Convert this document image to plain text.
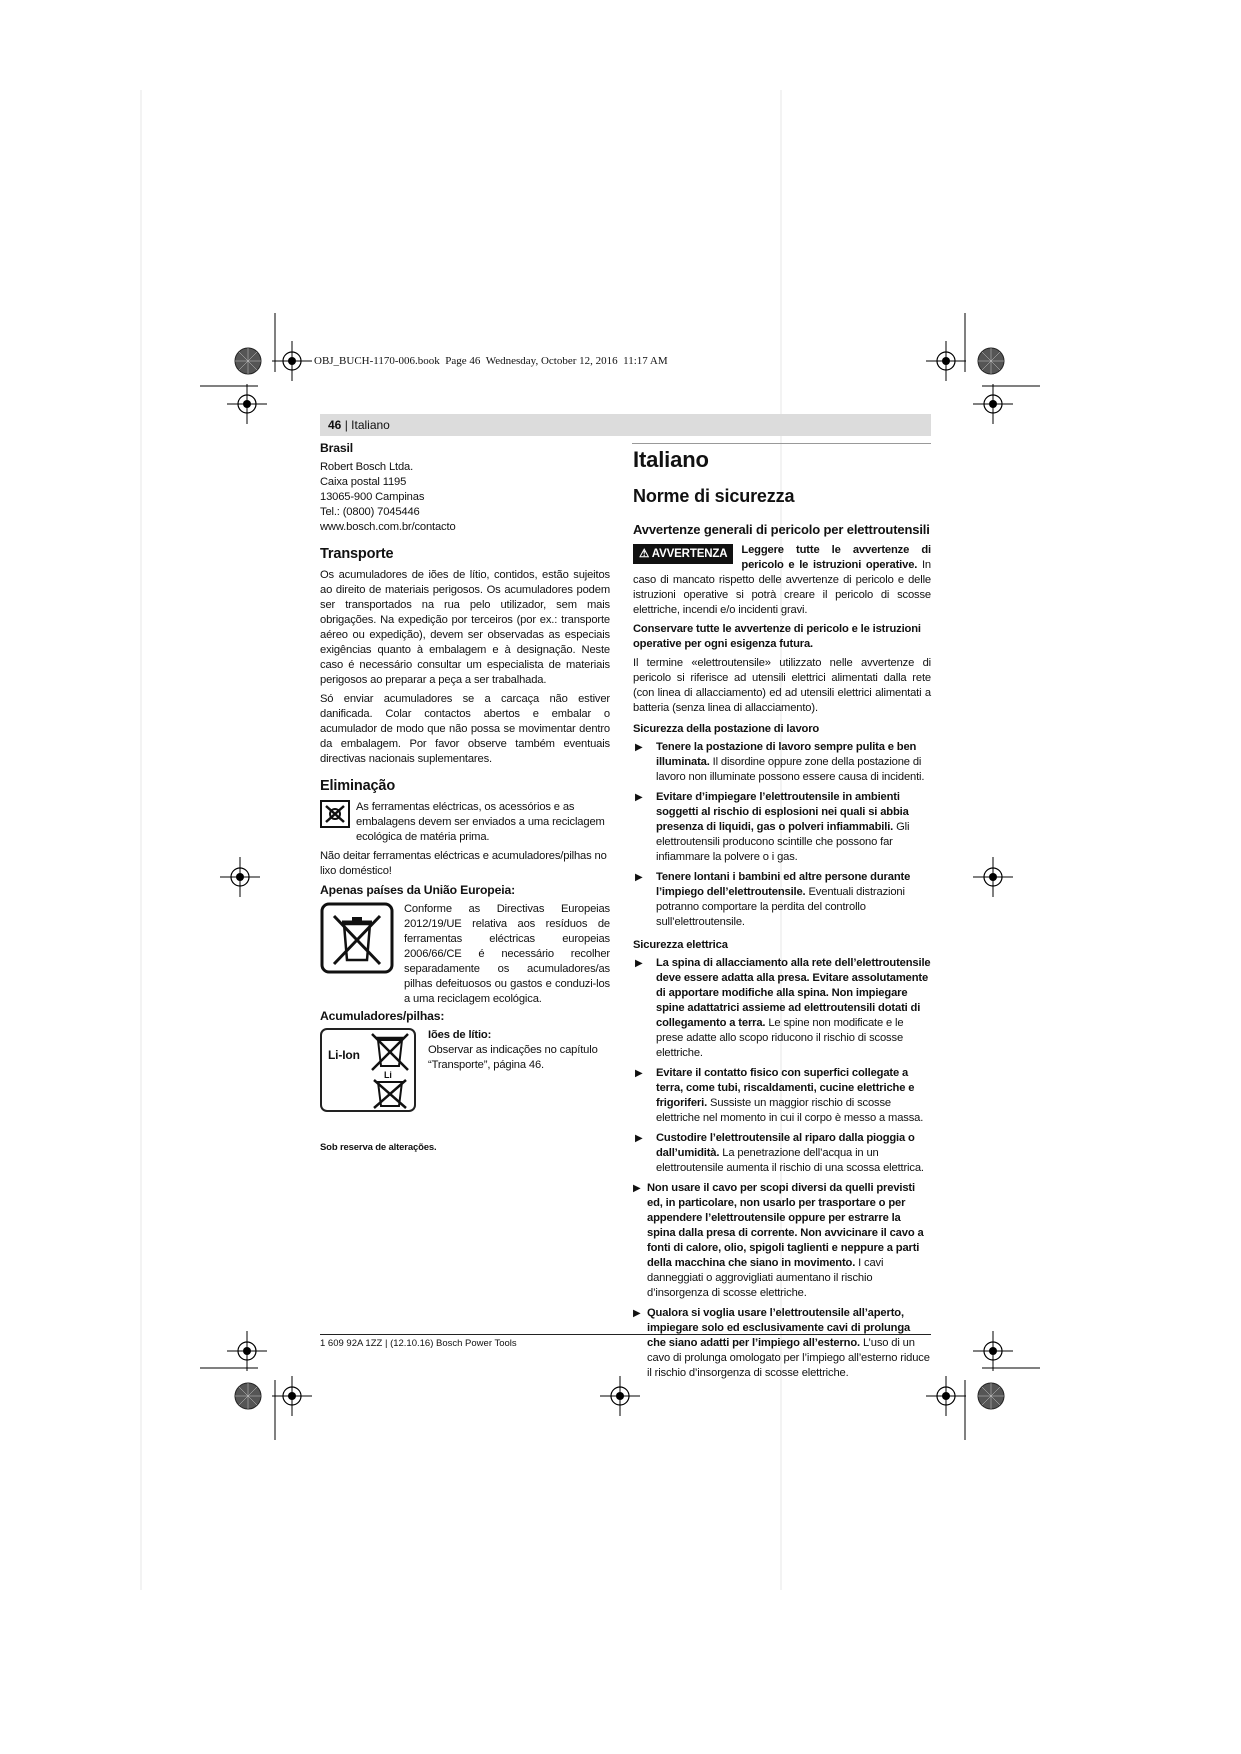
OBJ_BUCH-1170-006.book  Page 46  Wednesday, October 12, 2016  11:17 AM
46 | Italiano
Brasil
Robert Bosch Ltda.
Caixa postal 1195
13065-900 Campinas
Tel.: (0800) 7045446
www.bosch.com.br/contacto
Transporte

Os acumuladores de iões de lítio, contidos, estão sujeitos ao direito de materiais perigosos. Os acumuladores podem ser transportados na rua pelo utilizador, sem mais obrigações. Na expedição por terceiros (por ex.: transporte aéreo ou expedição), devem ser observadas as especiais exigências quanto à embalagem e à designação. Neste caso é necessário consultar um especialista de materiais perigosos ao preparar a peça a ser trabalhada.

Só enviar acumuladores se a carcaça não estiver danificada. Colar contactos abertos e embalar o acumulador de modo que não possa se movimentar dentro da embalagem. Por favor observe também eventuais directivas nacionais suplementares.

Eliminação

As ferramentas eléctricas, os acessórios e as embalagens devem ser enviados a uma reciclagem ecológica de matéria prima.

Não deitar ferramentas eléctricas e acumuladores/pilhas no lixo doméstico!

Apenas países da União Europeia:

Conforme as Directivas Europeias 2012/19/UE relativa aos resíduos de ferramentas eléctricas europeias 2006/66/CE é necessário recolher separadamente os acumuladores/as pilhas defeituosos ou gastos e conduzi-los a uma reciclagem ecológica.

Acumuladores/pilhas:
Li-Ion
Li
Iões de lítio:

Observar as indicações no capítulo “Transporte”, página 46.

Sob reserva de alterações.
Italiano
Norme di sicurezza
Avvertenze generali di pericolo per elettroutensili
⚠ AVVERTENZA	Leggere tutte le avvertenze di pericolo e le istruzioni operative. In caso di mancato rispetto delle avvertenze di pericolo e delle istruzioni operative si potrà creare il pericolo di scosse elettriche, incendi e/o incidenti gravi.

Conservare tutte le avvertenze di pericolo e le istruzioni operative per ogni esigenza futura.

Il termine «elettroutensile» utilizzato nelle avvertenze di pericolo si riferisce ad utensili elettrici alimentati dalla rete (con linea di allacciamento) ed ad utensili elettrici alimentati a batteria (senza linea di allacciamento).

Sicurezza della postazione di lavoro
▶ Tenere la postazione di lavoro sempre pulita e ben illuminata. Il disordine oppure zone della postazione di lavoro non illuminate possono essere causa di incidenti.
▶ Evitare d’impiegare l’elettroutensile in ambienti soggetti al rischio di esplosioni nei quali si abbia presenza di liquidi, gas o polveri infiammabili. Gli elettroutensili producono scintille che possono far infiammare la polvere o i gas.
▶ Tenere lontani i bambini ed altre persone durante l’impiego dell’elettroutensile. Eventuali distrazioni potranno comportare la perdita del controllo sull’elettroutensile.
Sicurezza elettrica
▶ La spina di allacciamento alla rete dell’elettroutensile deve essere adatta alla presa. Evitare assolutamente di apportare modifiche alla spina. Non impiegare spine adattatrici assieme ad elettroutensili dotati di collegamento a terra. Le spine non modificate e le prese adatte allo scopo riducono il rischio di scosse elettriche.
▶ Evitare il contatto fisico con superfici collegate a terra, come tubi, riscaldamenti, cucine elettriche e frigoriferi. Sussiste un maggior rischio di scosse elettriche nel momento in cui il corpo è messo a massa.
▶ Custodire l’elettroutensile al riparo dalla pioggia o dall’umidità. La penetrazione dell’acqua in un elettroutensile aumenta il rischio di una scossa elettrica.
▶ Non usare il cavo per scopi diversi da quelli previsti ed, in particolare, non usarlo per trasportare o per appendere l’elettroutensile oppure per estrarre la spina dalla presa di corrente. Non avvicinare il cavo a fonti di calore, olio, spigoli taglienti e neppure a parti della macchina che siano in movimento. I cavi danneggiati o aggrovigliati aumentano il rischio d’insorgenza di scosse elettriche.
▶ Qualora si voglia usare l’elettroutensile all’aperto, impiegare solo ed esclusivamente cavi di prolunga che siano adatti per l’impiego all’esterno. L’uso di un cavo di prolunga omologato per l’impiego all’esterno riduce il rischio d’insorgenza di scosse elettriche.
1 609 92A 1ZZ | (12.10.16) Bosch Power Tools
